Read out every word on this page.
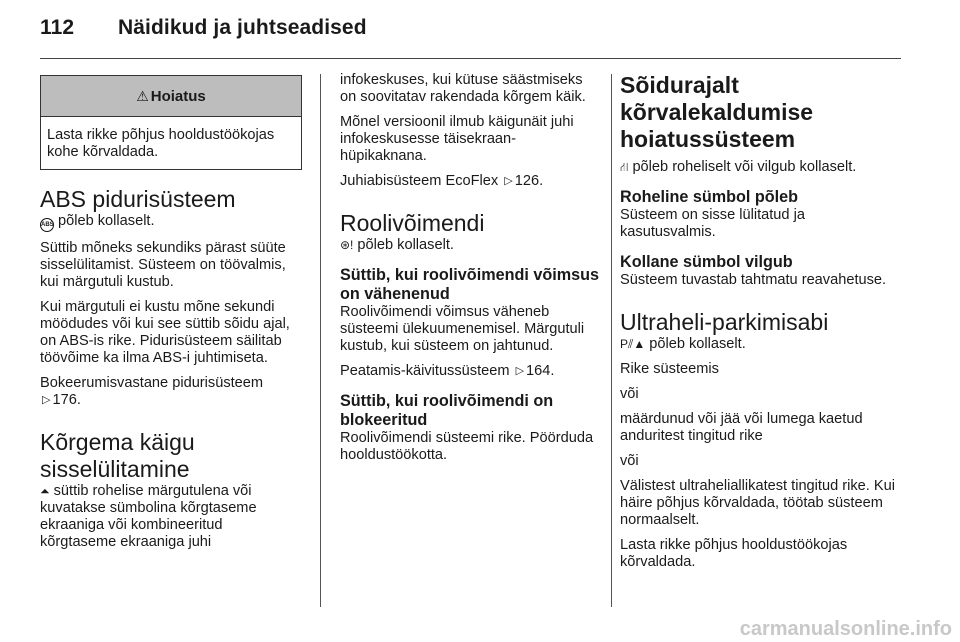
112 Näidikud ja juhtseadised
⚠ Hoiatus
Lasta rikke põhjus hooldustöökojas kohe kõrvaldada.
ABS pidurisüsteem

ABS põleb kollaselt.

Süttib mõneks sekundiks pärast süüte sisselülitamist. Süsteem on töövalmis, kui märgutuli kustub.

Kui märgutuli ei kustu mõne sekundi möödudes või kui see süttib sõidu ajal, on ABS-is rike. Pidurisüsteem säilitab töövõime ka ilma ABS-i juhtimiseta.

Bokeerumisvastane pidurisüsteem
▷ 176.

Kõrgema käigu sisselülitamine

⏶ süttib rohelise märgutulena või kuvatakse sümbolina kõrgtaseme ekraaniga või kombineeritud kõrgtaseme ekraaniga juhi

infokeskuses, kui kütuse säästmiseks on soovitatav rakendada kõrgem käik.

Mõnel versioonil ilmub käigunäit juhi infokeskusesse täisekraan-hüpikaknana.

Juhiabisüsteem EcoFlex ▷ 126.

Roolivõimendi

⊛! põleb kollaselt.

Süttib, kui roolivõimendi võimsus on vähenenud

Roolivõimendi võimsus väheneb süsteemi ülekuumenemisel. Märgutuli kustub, kui süsteem on jahtunud.

Peatamis-käivitussüsteem ▷ 164.

Süttib, kui roolivõimendi on blokeeritud

Roolivõimendi süsteemi rike. Pöörduda hooldustöökotta.

Sõidurajalt kõrvalekaldumise hoiatussüsteem

⛙ põleb roheliselt või vilgub kollaselt.

Roheline sümbol põleb

Süsteem on sisse lülitatud ja kasutusvalmis.

Kollane sümbol vilgub

Süsteem tuvastab tahtmatu reavahetuse.

Ultraheli-parkimisabi

P⫽▲ põleb kollaselt.

Rike süsteemis

või

määrdunud või jää või lumega kaetud anduritest tingitud rike

või

Välistest ultraheliallikatest tingitud rike. Kui häire põhjus kõrvaldada, töötab süsteem normaalselt.

Lasta rikke põhjus hooldustöökojas kõrvaldada.

carmanualsonline.info
